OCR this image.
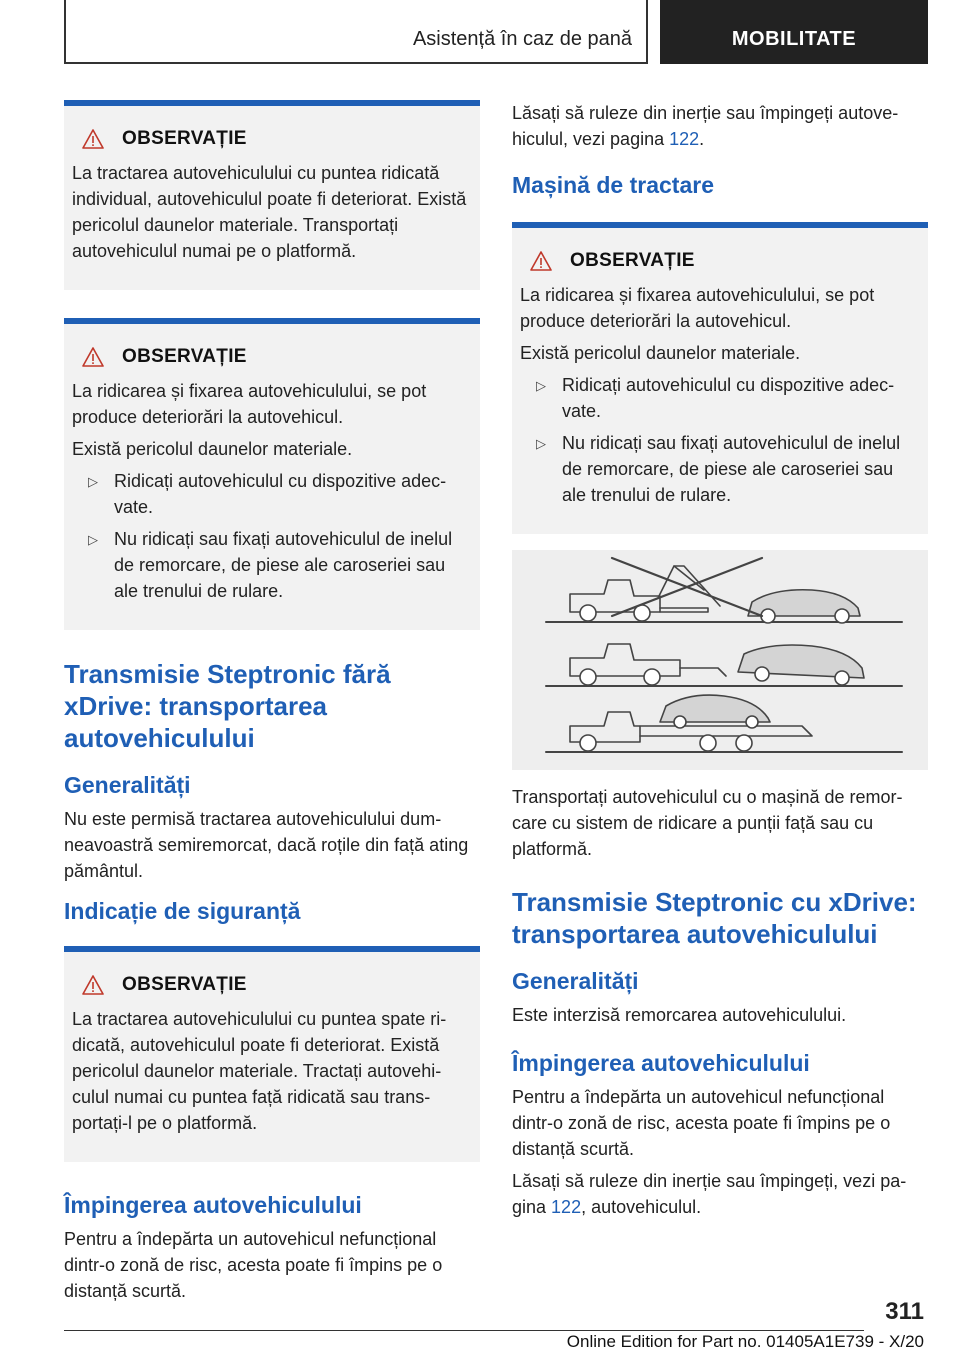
Asistență în caz de pană	MOBILITATE
OBSERVAȚIE

La tractarea autovehiculului cu puntea ridicată individual, autovehiculul poate fi deteriorat. Există pericolul daunelor materiale. Transportați autovehiculul numai pe o platformă.

OBSERVAȚIE

La ridicarea și fixarea autovehiculului, se pot produce deteriorări la autovehicul.

Există pericolul daunelor materiale.

▷ Ridicați autovehiculul cu dispozitive adec-vate.
▷ Nu ridicați sau fixați autovehiculul de inelul de remorcare, de piese ale caroseriei sau ale trenului de rulare.
Transmisie Steptronic fără xDrive: transportarea autovehiculului
Generalități

Nu este permisă tractarea autovehiculului dum-neavoastră semiremorcat, dacă roțile din față ating pământul.

Indicație de siguranță
OBSERVAȚIE

La tractarea autovehiculului cu puntea spate ri-dicată, autovehiculul poate fi deteriorat. Există pericolul daunelor materiale. Tractați autovehi-culul numai cu puntea față ridicată sau trans-portați-l pe o platformă.

Împingerea autovehiculului

Pentru a îndepărta un autovehicul nefuncțional dintr-o zonă de risc, acesta poate fi împins pe o distanță scurtă.

Lăsați să ruleze din inerție sau împingeți autove-hiculul, vezi pagina 122.

Mașină de tractare
OBSERVAȚIE

La ridicarea și fixarea autovehiculului, se pot produce deteriorări la autovehicul.

Există pericolul daunelor materiale.

▷ Ridicați autovehiculul cu dispozitive adec-vate.
▷ Nu ridicați sau fixați autovehiculul de inelul de remorcare, de piese ale caroseriei sau ale trenului de rulare.

Transportați autovehiculul cu o mașină de remor-care cu sistem de ridicare a punții față sau cu platformă.

Transmisie Steptronic cu xDrive: transportarea autovehiculului
Generalități

Este interzisă remorcarea autovehiculului.

Împingerea autovehiculului

Pentru a îndepărta un autovehicul nefuncțional dintr-o zonă de risc, acesta poate fi împins pe o distanță scurtă.

Lăsați să ruleze din inerție sau împingeți, vezi pa-gina 122, autovehiculul.

311
Online Edition for Part no. 01405A1E739 - X/20
